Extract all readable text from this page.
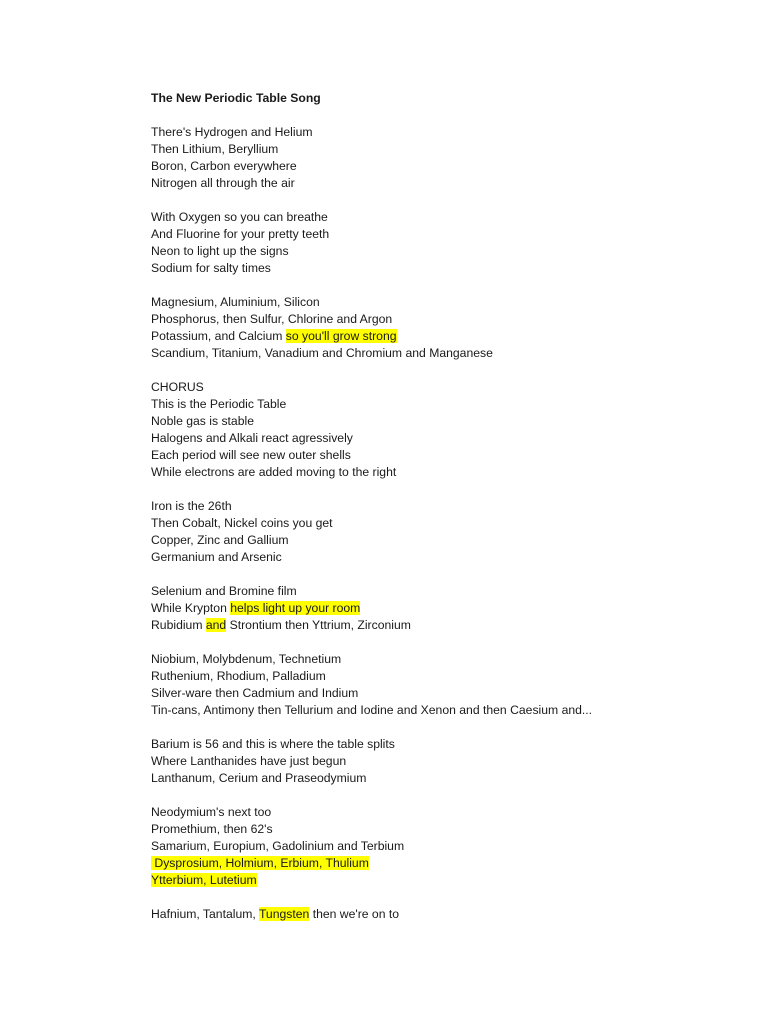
The New Periodic Table Song
There's Hydrogen and Helium
Then Lithium, Beryllium
Boron, Carbon everywhere
Nitrogen all through the air
With Oxygen so you can breathe
And Fluorine for your pretty teeth
Neon to light up the signs
Sodium for salty times
Magnesium, Aluminium, Silicon
Phosphorus, then Sulfur, Chlorine and Argon
Potassium, and Calcium so you'll grow strong
Scandium, Titanium, Vanadium and Chromium and Manganese
CHORUS
This is the Periodic Table
Noble gas is stable
Halogens and Alkali react agressively
Each period will see new outer shells
While electrons are added moving to the right
Iron is the 26th
Then Cobalt, Nickel coins you get
Copper, Zinc and Gallium
Germanium and Arsenic
Selenium and Bromine film
While Krypton helps light up your room
Rubidium and Strontium then Yttrium, Zirconium
Niobium, Molybdenum, Technetium
Ruthenium, Rhodium, Palladium
Silver-ware then Cadmium and Indium
Tin-cans, Antimony then Tellurium and Iodine and Xenon and then Caesium and...
Barium is 56 and this is where the table splits
Where Lanthanides have just begun
Lanthanum, Cerium and Praseodymium
Neodymium's next too
Promethium, then 62's
Samarium, Europium, Gadolinium and Terbium
Dysprosium, Holmium, Erbium, Thulium
Ytterbium, Lutetium
Hafnium, Tantalum, Tungsten then we're on to
